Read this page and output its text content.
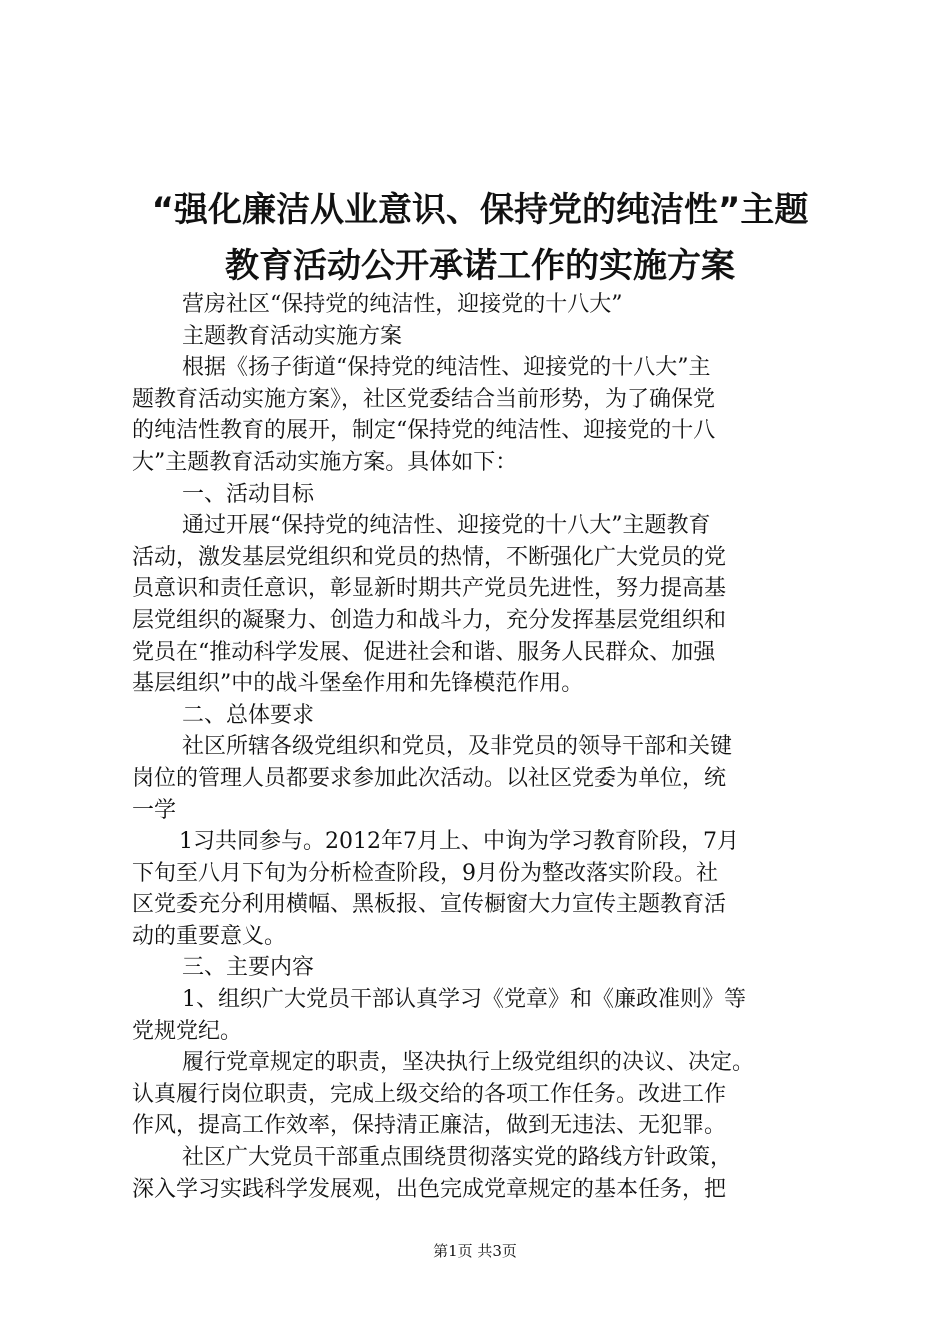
“强化廉洁从业意识、保持党的纯洁性”主题
教育活动公开承诺工作的实施方案
营房社区“保持党的纯洁性，迎接党的十八大”
主题教育活动实施方案
根据《扬子街道“保持党的纯洁性、迎接党的十八大”主
题教育活动实施方案》，社区党委结合当前形势，为了确保党
的纯洁性教育的展开，制定“保持党的纯洁性、迎接党的十八
大”主题教育活动实施方案。具体如下：
一、活动目标
通过开展“保持党的纯洁性、迎接党的十八大”主题教育
活动，激发基层党组织和党员的热情，不断强化广大党员的党
员意识和责任意识，彰显新时期共产党员先进性，努力提高基
层党组织的凝聚力、创造力和战斗力，充分发挥基层党组织和
党员在“推动科学发展、促进社会和谐、服务人民群众、加强
基层组织”中的战斗堡垒作用和先锋模范作用。
二、总体要求
社区所辖各级党组织和党员，及非党员的领导干部和关键
岗位的管理人员都要求参加此次活动。以社区党委为单位，统
一学
1习共同参与。2012年7月上、中询为学习教育阶段，7月
下旬至八月下旬为分析检查阶段，9月份为整改落实阶段。社
区党委充分利用横幅、黑板报、宣传橱窗大力宣传主题教育活
动的重要意义。
三、主要内容
1、组织广大党员干部认真学习《党章》和《廉政准则》等
党规党纪。
履行党章规定的职责，坚决执行上级党组织的决议、决定。
认真履行岗位职责，完成上级交给的各项工作任务。改进工作
作风，提高工作效率，保持清正廉洁，做到无违法、无犯罪。
社区广大党员干部重点围绕贯彻落实党的路线方针政策，
深入学习实践科学发展观，出色完成党章规定的基本任务，把
第1页 共3页
